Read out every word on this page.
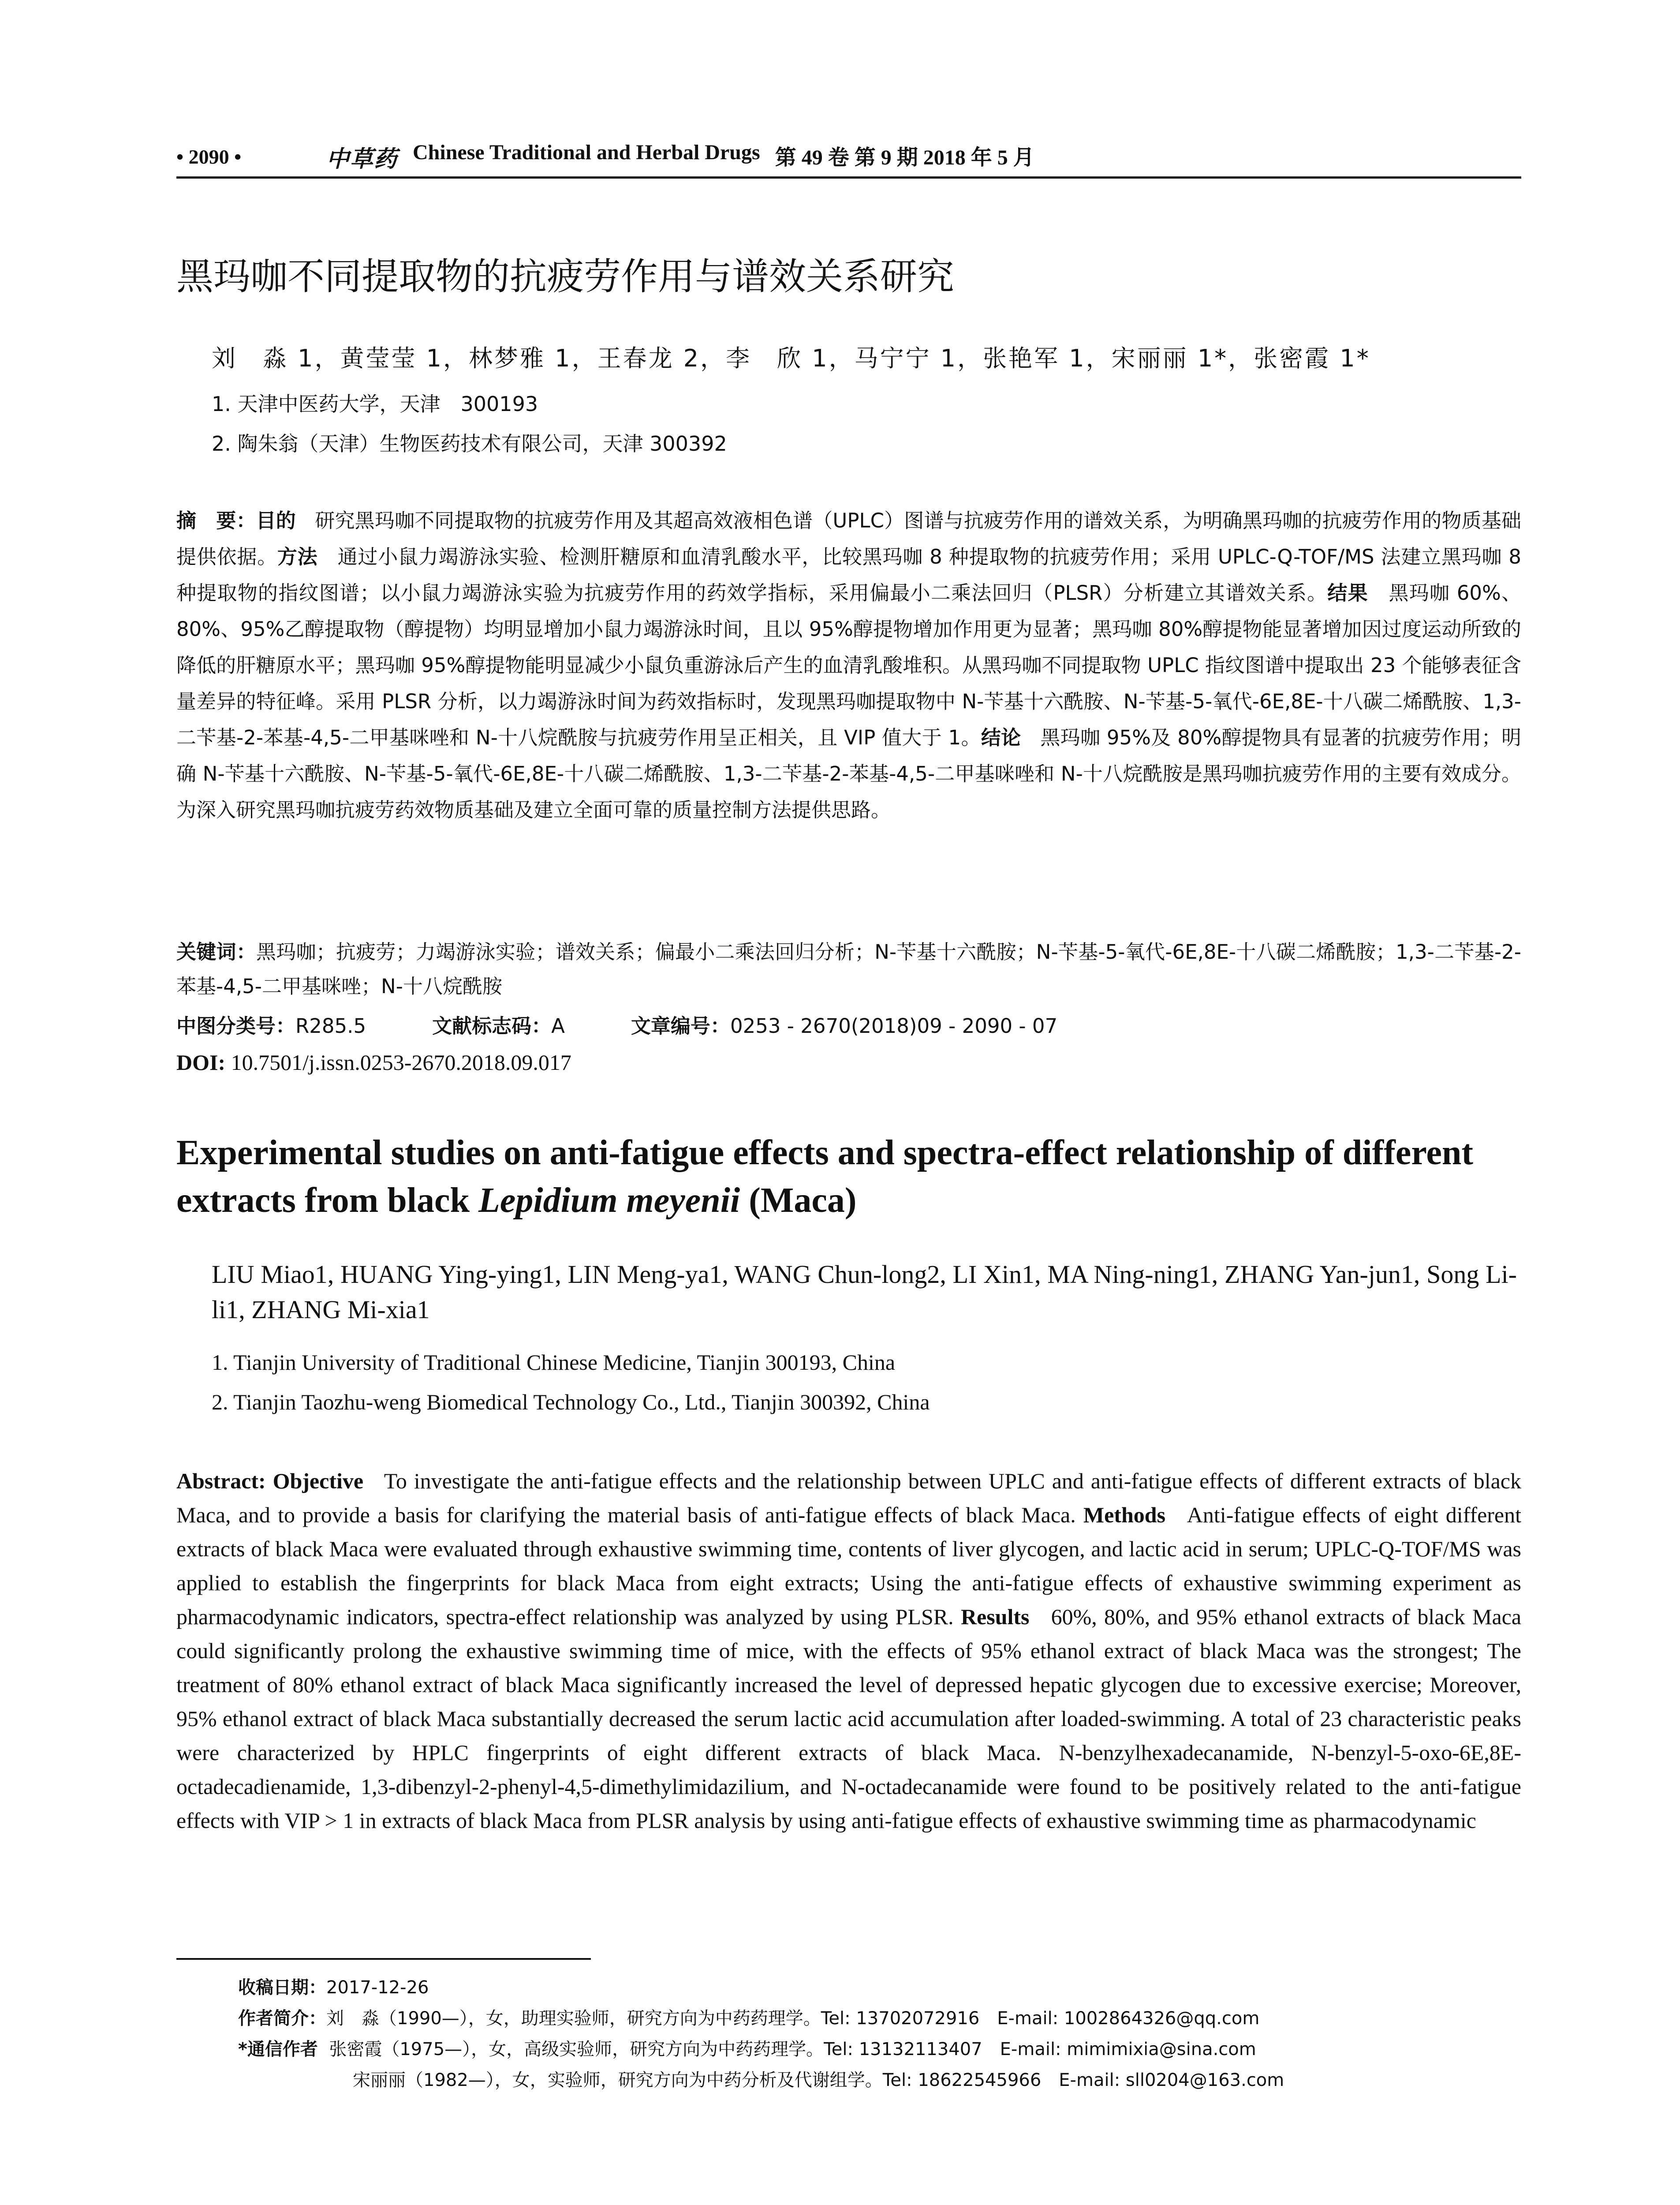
• 2090 •	中草药 Chinese Traditional and Herbal Drugs 第 49 卷 第 9 期 2018 年 5 月
黑玛咖不同提取物的抗疲劳作用与谱效关系研究
刘　淼 1，黄莹莹 1，林梦雅 1，王春龙 2，李　欣 1，马宁宁 1，张艳军 1，宋丽丽 1*，张密霞 1*
1. 天津中医药大学，天津　300193
2. 陶朱翁（天津）生物医药技术有限公司，天津 300392
摘　要：目的 研究黑玛咖不同提取物的抗疲劳作用及其超高效液相色谱（UPLC）图谱与抗疲劳作用的谱效关系，为明确黑玛咖的抗疲劳作用的物质基础提供依据。方法 通过小鼠力竭游泳实验、检测肝糖原和血清乳酸水平，比较黑玛咖 8 种提取物的抗疲劳作用；采用 UPLC-Q-TOF/MS 法建立黑玛咖 8 种提取物的指纹图谱；以小鼠力竭游泳实验为抗疲劳作用的药效学指标，采用偏最小二乘法回归（PLSR）分析建立其谱效关系。结果 黑玛咖 60%、80%、95%乙醇提取物（醇提物）均明显增加小鼠力竭游泳时间，且以 95%醇提物增加作用更为显著；黑玛咖 80%醇提物能显著增加因过度运动所致的降低的肝糖原水平；黑玛咖 95%醇提物能明显减少小鼠负重游泳后产生的血清乳酸堆积。从黑玛咖不同提取物 UPLC 指纹图谱中提取出 23 个能够表征含量差异的特征峰。采用 PLSR 分析，以力竭游泳时间为药效指标时，发现黑玛咖提取物中 N-苄基十六酰胺、N-苄基-5-氧代-6E,8E-十八碳二烯酰胺、1,3-二苄基-2-苯基-4,5-二甲基咪唑和 N-十八烷酰胺与抗疲劳作用呈正相关，且 VIP 值大于 1。结论 黑玛咖 95%及 80%醇提物具有显著的抗疲劳作用；明确 N-苄基十六酰胺、N-苄基-5-氧代-6E,8E-十八碳二烯酰胺、1,3-二苄基-2-苯基-4,5-二甲基咪唑和 N-十八烷酰胺是黑玛咖抗疲劳作用的主要有效成分。为深入研究黑玛咖抗疲劳药效物质基础及建立全面可靠的质量控制方法提供思路。
关键词：黑玛咖；抗疲劳；力竭游泳实验；谱效关系；偏最小二乘法回归分析；N-苄基十六酰胺；N-苄基-5-氧代-6E,8E-十八碳二烯酰胺；1,3-二苄基-2-苯基-4,5-二甲基咪唑；N-十八烷酰胺
中图分类号：R285.5	文献标志码：A	文章编号：0253 - 2670(2018)09 - 2090 - 07
DOI: 10.7501/j.issn.0253-2670.2018.09.017
Experimental studies on anti-fatigue effects and spectra-effect relationship of different extracts from black Lepidium meyenii (Maca)
LIU Miao1, HUANG Ying-ying1, LIN Meng-ya1, WANG Chun-long2, LI Xin1, MA Ning-ning1, ZHANG Yan-jun1, Song Li-li1, ZHANG Mi-xia1
1. Tianjin University of Traditional Chinese Medicine, Tianjin 300193, China
2. Tianjin Taozhu-weng Biomedical Technology Co., Ltd., Tianjin 300392, China
Abstract: Objective To investigate the anti-fatigue effects and the relationship between UPLC and anti-fatigue effects of different extracts of black Maca, and to provide a basis for clarifying the material basis of anti-fatigue effects of black Maca. Methods Anti-fatigue effects of eight different extracts of black Maca were evaluated through exhaustive swimming time, contents of liver glycogen, and lactic acid in serum; UPLC-Q-TOF/MS was applied to establish the fingerprints for black Maca from eight extracts; Using the anti-fatigue effects of exhaustive swimming experiment as pharmacodynamic indicators, spectra-effect relationship was analyzed by using PLSR. Results 60%, 80%, and 95% ethanol extracts of black Maca could significantly prolong the exhaustive swimming time of mice, with the effects of 95% ethanol extract of black Maca was the strongest; The treatment of 80% ethanol extract of black Maca significantly increased the level of depressed hepatic glycogen due to excessive exercise; Moreover, 95% ethanol extract of black Maca substantially decreased the serum lactic acid accumulation after loaded-swimming. A total of 23 characteristic peaks were characterized by HPLC fingerprints of eight different extracts of black Maca. N-benzylhexadecanamide, N-benzyl-5-oxo-6E,8E-octadecadienamide, 1,3-dibenzyl-2-phenyl-4,5-dimethylimidazilium, and N-octadecanamide were found to be positively related to the anti-fatigue effects with VIP > 1 in extracts of black Maca from PLSR analysis by using anti-fatigue effects of exhaustive swimming time as pharmacodynamic
收稿日期：2017-12-26
作者简介：刘　淼（1990—），女，助理实验师，研究方向为中药药理学。Tel: 13702072916　E-mail: 1002864326@qq.com
*通信作者 张密霞（1975—），女，高级实验师，研究方向为中药药理学。Tel: 13132113407　E-mail: mimimixia@sina.com
宋丽丽（1982—），女，实验师，研究方向为中药分析及代谢组学。Tel: 18622545966　E-mail: sll0204@163.com
